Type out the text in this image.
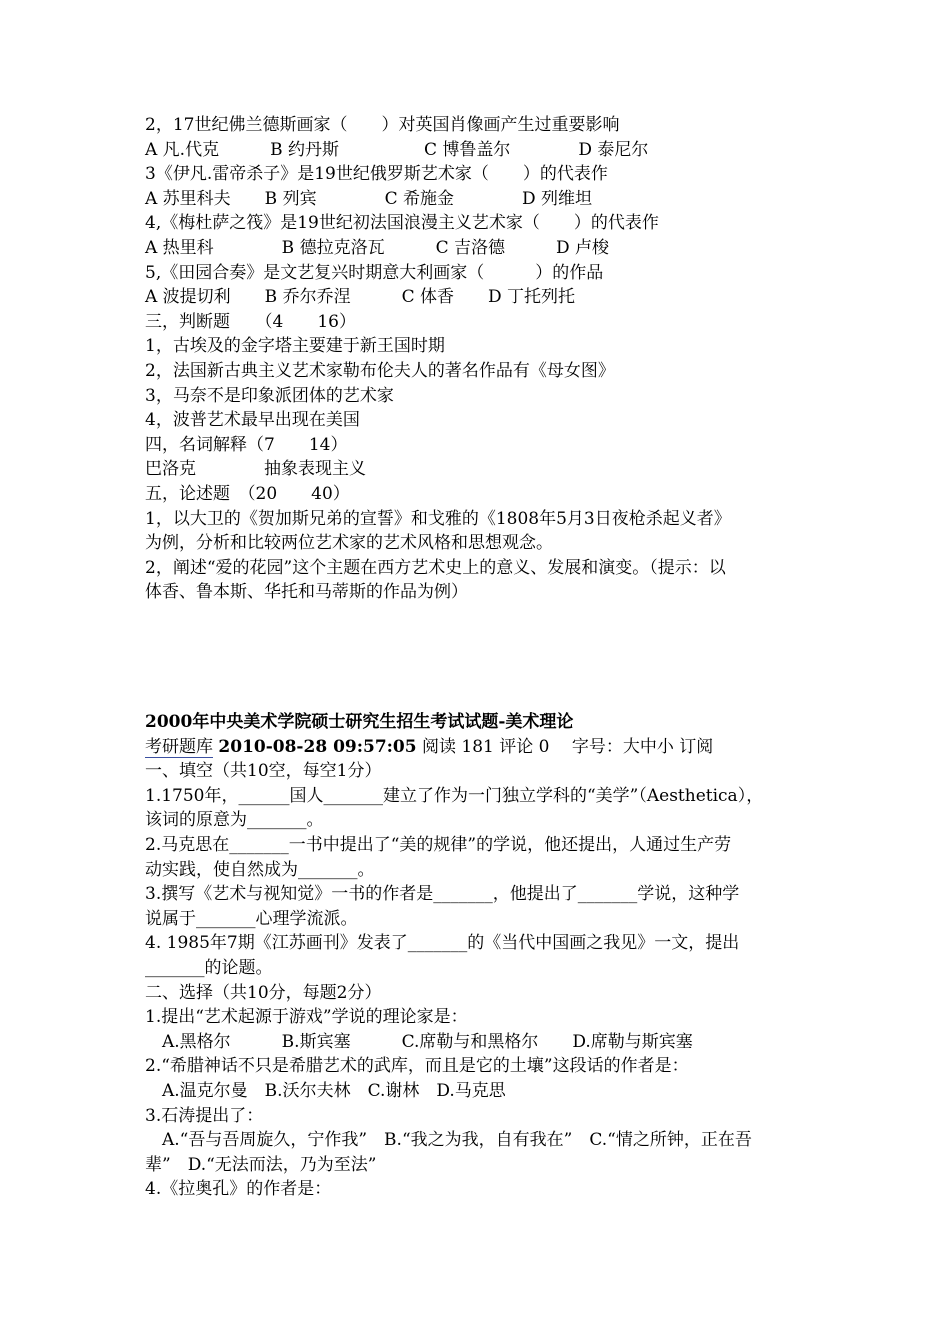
2，17世纪佛兰德斯画家（　　）对英国肖像画产生过重要影响
A 凡.代克　　　B 约丹斯　　　　　C 博鲁盖尔　　　　D 泰尼尔
3《伊凡.雷帝杀子》是19世纪俄罗斯艺术家（　　）的代表作
A 苏里科夫　　B 列宾　　　　C 希施金　　　　D 列维坦
4,《梅杜萨之筏》是19世纪初法国浪漫主义艺术家（　　）的代表作
A 热里科　　　　B 德拉克洛瓦　　　C 吉洛德　　　D 卢梭
5,《田园合奏》是文艺复兴时期意大利画家（　　　）的作品
A 波提切利　　B 乔尔乔涅　　　C 体香　　D 丁托列托
三，判断题　　（4　　16）
1，古埃及的金字塔主要建于新王国时期
2，法国新古典主义艺术家勒布伦夫人的著名作品有《母女图》
3，马奈不是印象派团体的艺术家
4，波普艺术最早出现在美国
四，名词解释（7　　14）
巴洛克　　　　抽象表现主义
五，论述题　（20　　40）
1，以大卫的《贺加斯兄弟的宣誓》和戈雅的《1808年5月3日夜枪杀起义者》
为例，分析和比较两位艺术家的艺术风格和思想观念。
2，阐述“爱的花园”这个主题在西方艺术史上的意义、发展和演变。（提示：以
体香、鲁本斯、华托和马蒂斯的作品为例）
2000年中央美术学院硕士研究生招生考试试题-美术理论
考研题库 2010-08-28 09:57:05 阅读 181 评论 0 　 字号：大中小 订阅
一、填空（共10空，每空1分）
1.1750年，______国人_______建立了作为一门独立学科的“美学”（Aesthetica），
该词的原意为_______。
2.马克思在_______一书中提出了“美的规律”的学说，他还提出，人通过生产劳
动实践，使自然成为_______。
3.撰写《艺术与视知觉》一书的作者是_______，他提出了_______学说，这种学
说属于_______心理学流派。
4. 1985年7期《江苏画刊》发表了_______的《当代中国画之我见》一文，提出
_______的论题。
二、选择（共10分，每题2分）
1.提出“艺术起源于游戏”学说的理论家是：
　A.黑格尔　　　B.斯宾塞　　　C.席勒与和黑格尔　　D.席勒与斯宾塞
2.“希腊神话不只是希腊艺术的武库，而且是它的土壤”这段话的作者是：
　A.温克尔曼　B.沃尔夫林　C.谢林　D.马克思
3.石涛提出了：
　A.“吾与吾周旋久，宁作我”　B.“我之为我，自有我在”　C.“情之所钟，正在吾
辈”　D.“无法而法，乃为至法”
4.《拉奥孔》的作者是：
